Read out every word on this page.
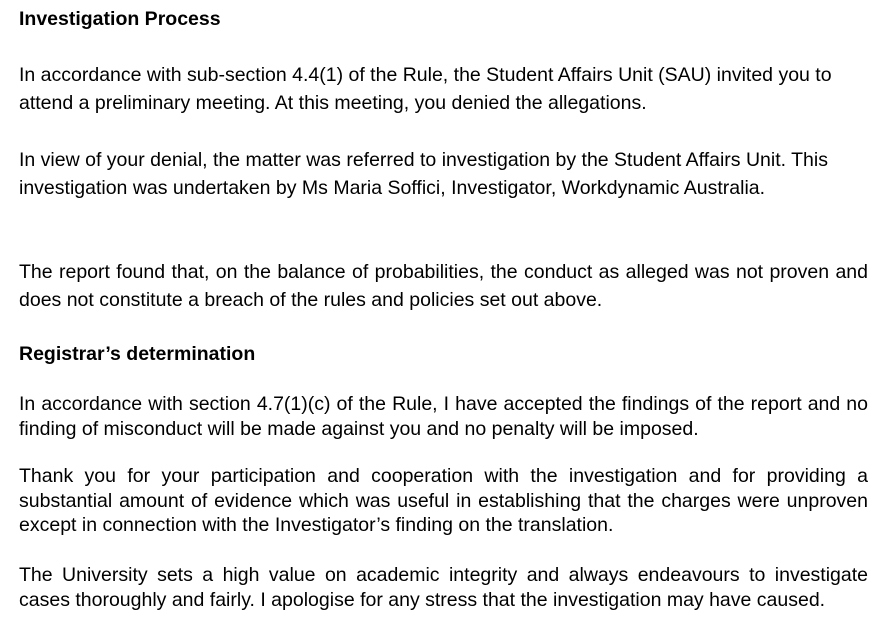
Investigation Process

In accordance with sub-section 4.4(1) of the Rule, the Student Affairs Unit (SAU) invited you to attend a preliminary meeting. At this meeting, you denied the allegations.

In view of your denial, the matter was referred to investigation by the Student Affairs Unit. This investigation was undertaken by Ms Maria Soffici, Investigator, Workdynamic Australia.

The report found that, on the balance of probabilities, the conduct as alleged was not proven and does not constitute a breach of the rules and policies set out above.

Registrar’s determination

In accordance with section 4.7(1)(c) of the Rule, I have accepted the findings of the report and no finding of misconduct will be made against you and no penalty will be imposed.

Thank you for your participation and cooperation with the investigation and for providing a substantial amount of evidence which was useful in establishing that the charges were unproven except in connection with the Investigator’s finding on the translation.

The University sets a high value on academic integrity and always endeavours to investigate cases thoroughly and fairly. I apologise for any stress that the investigation may have caused.
